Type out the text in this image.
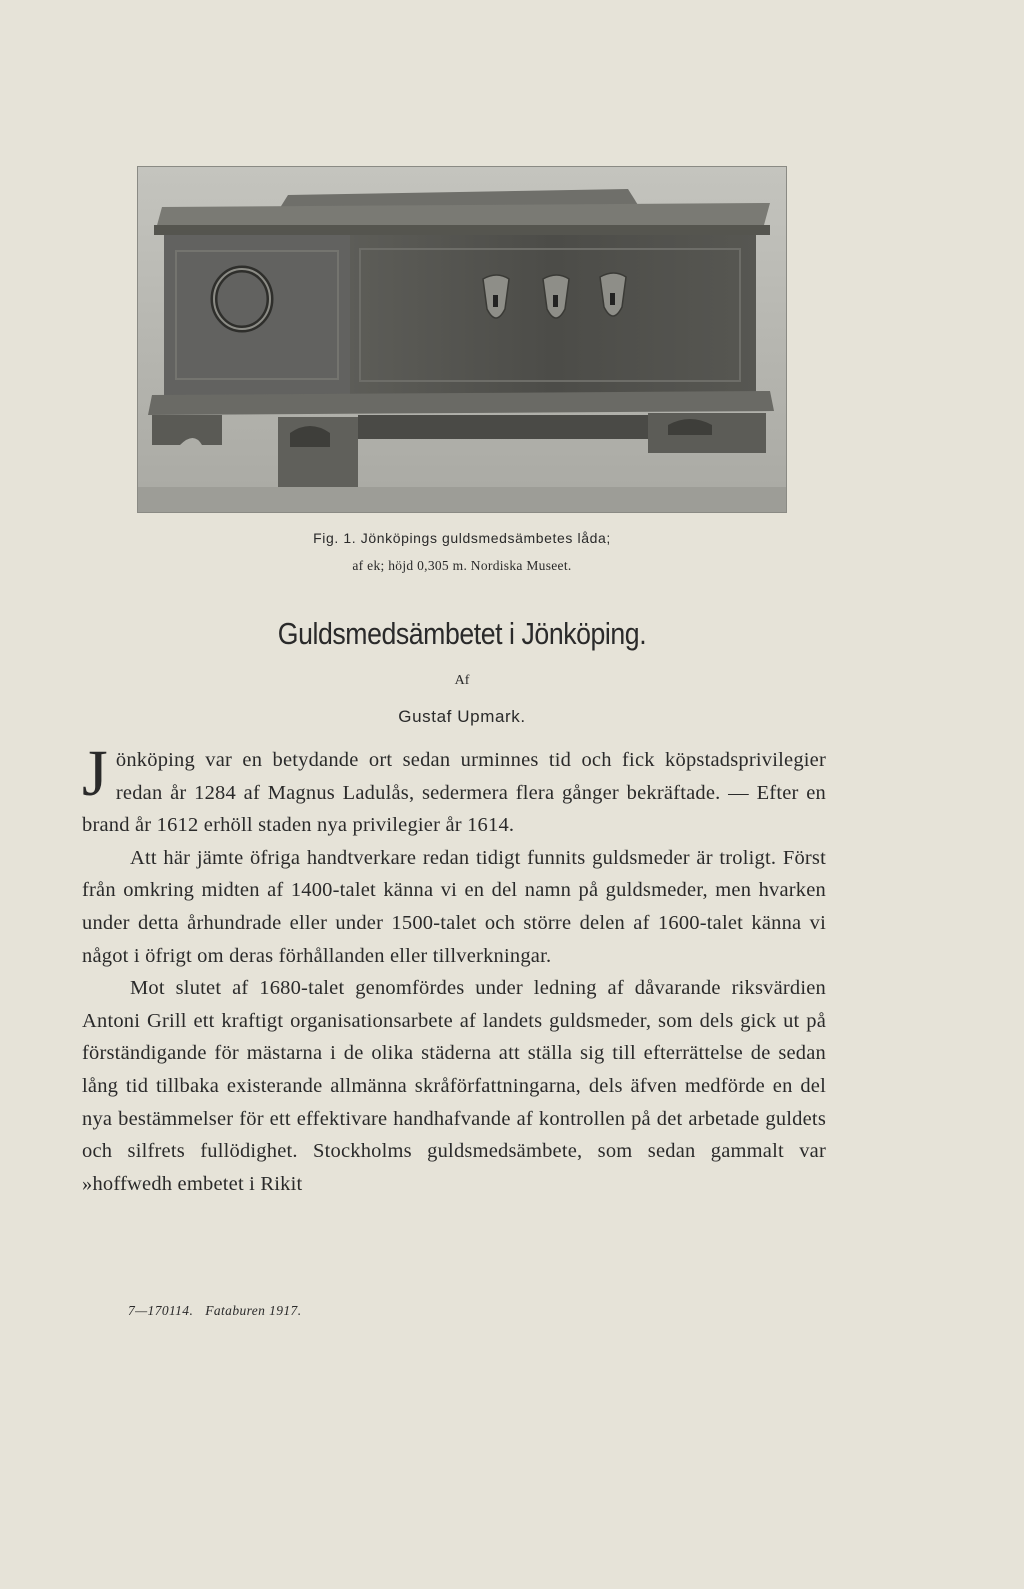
Fig. 1. Jönköpings guldsmedsämbetes låda;
af ek; höjd 0,305 m. Nordiska Museet.
Guldsmedsämbetet i Jönköping.
Af
Gustaf Upmark.

Jönköping var en betydande ort sedan urminnes tid och fick köpstadsprivilegier redan år 1284 af Magnus Ladulås, sedermera flera gånger bekräftade. — Efter en brand år 1612 erhöll staden nya privilegier år 1614.

Att här jämte öfriga handtverkare redan tidigt funnits guldsmeder är troligt. Först från omkring midten af 1400-talet känna vi en del namn på guldsmeder, men hvarken under detta århundrade eller under 1500-talet och större delen af 1600-talet känna vi något i öfrigt om deras förhållanden eller tillverkningar.

Mot slutet af 1680-talet genomfördes under ledning af dåvarande riksvärdien Antoni Grill ett kraftigt organisationsarbete af landets guldsmeder, som dels gick ut på förständigande för mästarna i de olika städerna att ställa sig till efterrättelse de sedan lång tid tillbaka existerande allmänna skråförfattningarna, dels äfven medförde en del nya bestämmelser för ett effektivare handhafvande af kontrollen på det arbetade guldets och silfrets fullödighet. Stockholms guldsmedsämbete, som sedan gammalt var »hoffwedh embetet i Rikit

7—170114. Fataburen 1917.
